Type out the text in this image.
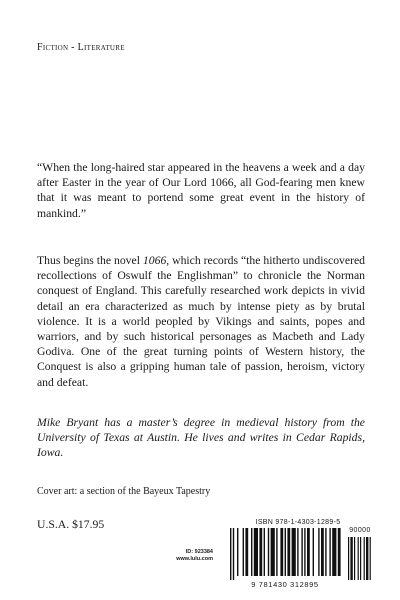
Fiction - Literature
“When the long-haired star appeared in the heavens a week and a day after Easter in the year of Our Lord 1066, all God-fearing men knew that it was meant to portend some great event in the history of mankind.”
Thus begins the novel 1066, which records “the hitherto undiscovered recollections of Oswulf the Englishman” to chronicle the Norman conquest of England. This carefully researched work depicts in vivid detail an era characterized as much by intense piety as by brutal violence. It is a world peopled by Vikings and saints, popes and warriors, and by such historical personages as Macbeth and Lady Godiva. One of the great turning points of Western history, the Conquest is also a gripping human tale of passion, heroism, victory and defeat.
Mike Bryant has a master’s degree in medieval history from the University of Texas at Austin. He lives and writes in Cedar Rapids, Iowa.
Cover art: a section of the Bayeux Tapestry
U.S.A. $17.95
ID: 923384
www.lulu.com
ISBN 978-1-4303-1289-5
90000
9 781430 312895
